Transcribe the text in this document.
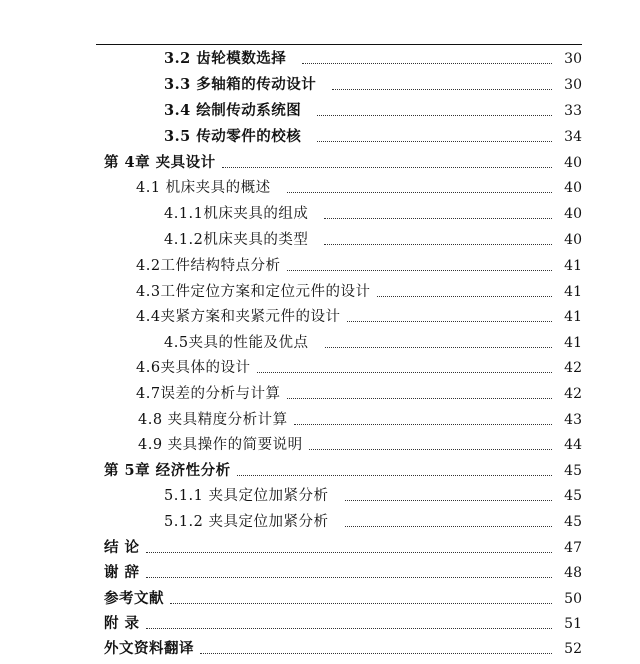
3.2 齿轮模数选择	30
3.3 多轴箱的传动设计	30
3.4 绘制传动系统图	33
3.5 传动零件的校核	34
第 4章 夹具设计	40
4.1 机床夹具的概述	40
4.1.1机床夹具的组成	40
4.1.2机床夹具的类型	40
4.2工件结构特点分析	41
4.3工件定位方案和定位元件的设计	41
4.4夹紧方案和夹紧元件的设计	41
4.5夹具的性能及优点	41
4.6夹具体的设计	42
4.7误差的分析与计算	42
4.8 夹具精度分析计算	43
4.9 夹具操作的简要说明	44
第 5章 经济性分析	45
5.1.1 夹具定位加紧分析	45
5.1.2 夹具定位加紧分析	45
结 论	47
谢 辞	48
参考文献	50
附 录	51
外文资料翻译	52
